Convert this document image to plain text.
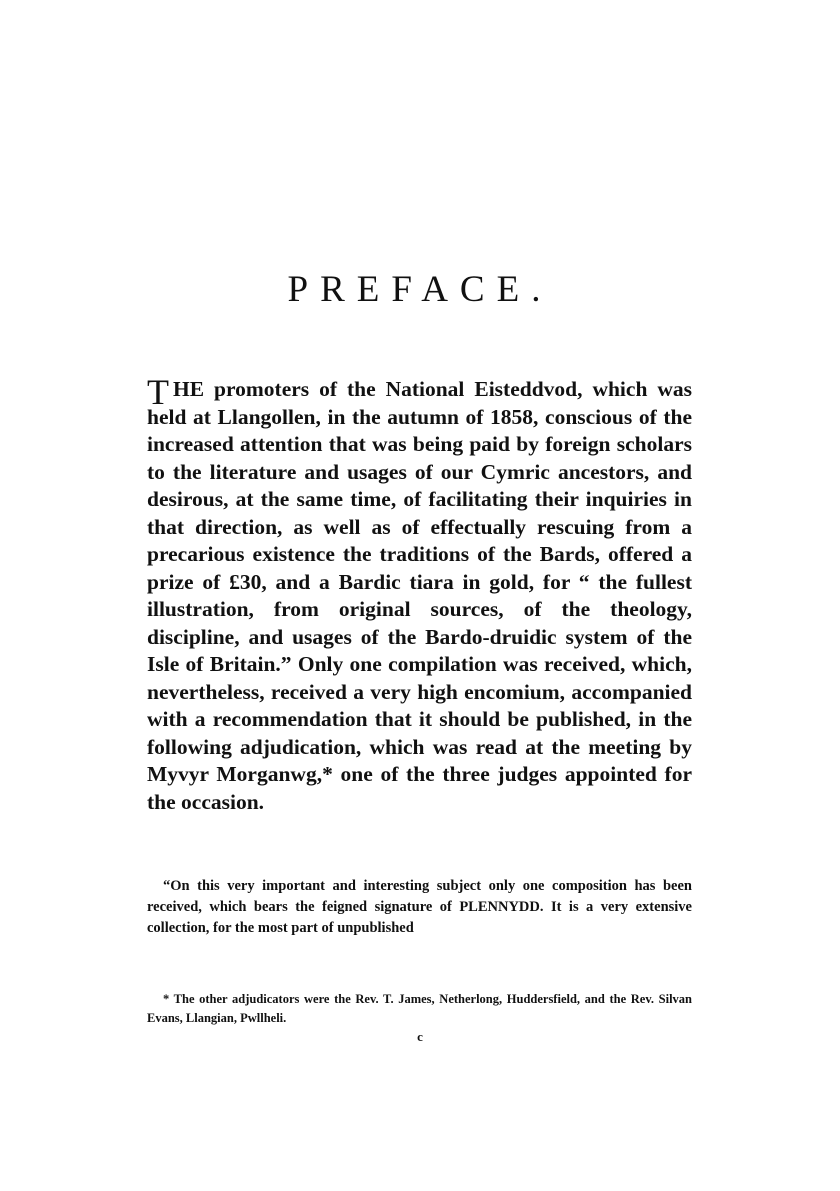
PREFACE.
THE promoters of the National Eisteddvod, which was held at Llangollen, in the autumn of 1858, conscious of the increased attention that was being paid by foreign scholars to the literature and usages of our Cymric ancestors, and desirous, at the same time, of facilitating their inquiries in that direction, as well as of effectually rescuing from a precarious existence the traditions of the Bards, offered a prize of £30, and a Bardic tiara in gold, for “ the fullest illustration, from original sources, of the theology, discipline, and usages of the Bardo-druidic system of the Isle of Britain.” Only one compilation was received, which, nevertheless, received a very high encomium, accompanied with a recommendation that it should be published, in the following adjudication, which was read at the meeting by Myvyr Morganwg,* one of the three judges appointed for the occasion.
“On this very important and interesting subject only one composition has been received, which bears the feigned signature of PLENNYDD. It is a very extensive collection, for the most part of unpublished
* The other adjudicators were the Rev. T. James, Netherlong, Huddersfield, and the Rev. Silvan Evans, Llangian, Pwllheli.
c
